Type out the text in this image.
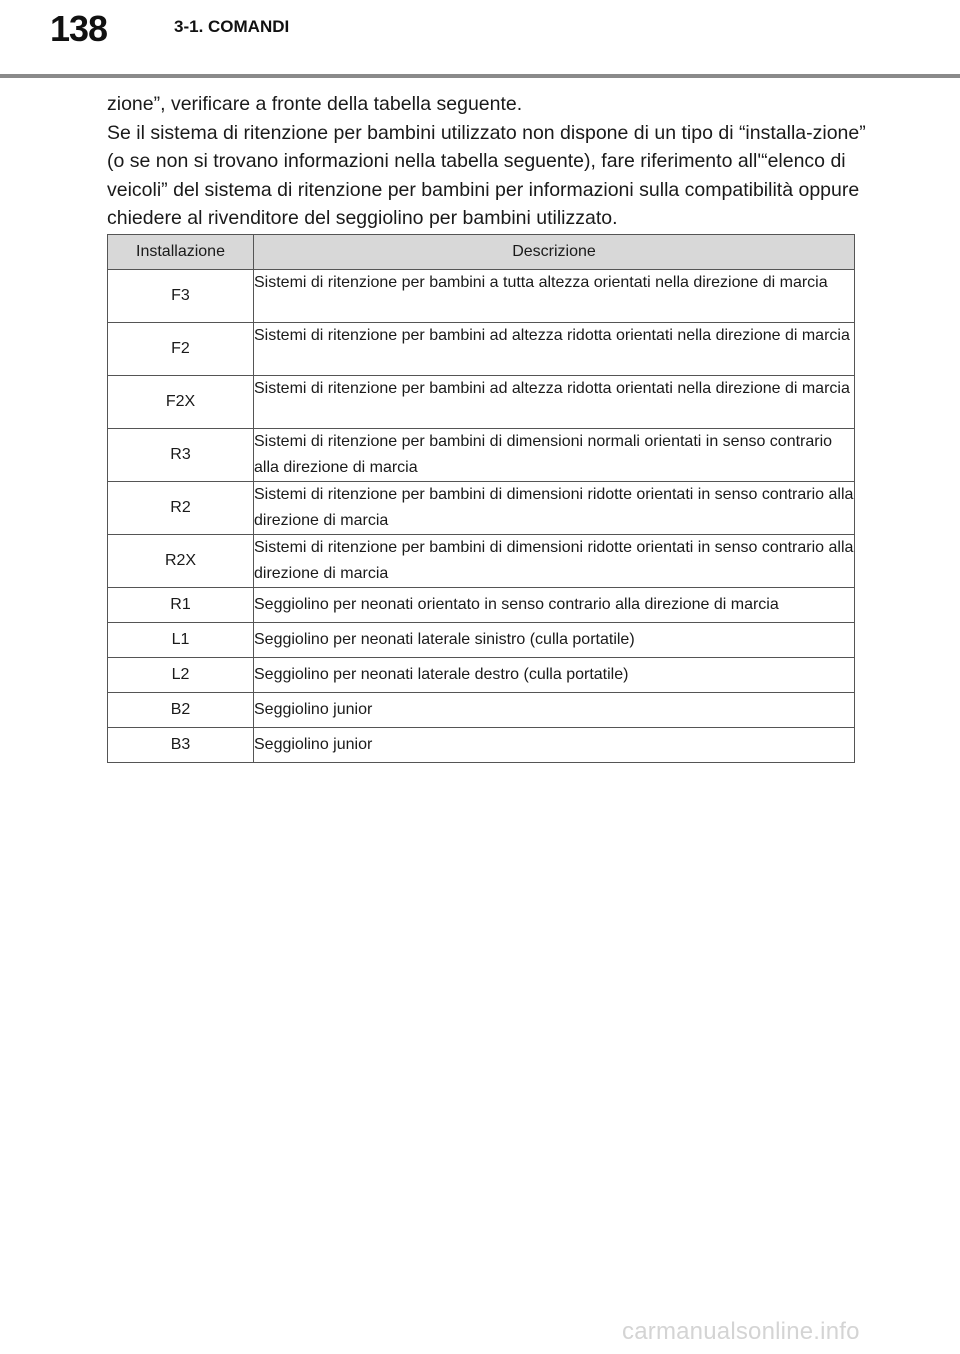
138	3-1. COMANDI

zione”, verificare a fronte della tabella seguente.

Se il sistema di ritenzione per bambini utilizzato non dispone di un tipo di “installa-zione” (o se non si trovano informazioni nella tabella seguente), fare riferimento all'“elenco di veicoli” del sistema di ritenzione per bambini per informazioni sulla compatibilità oppure chiedere al rivenditore del seggiolino per bambini utilizzato.

Installazione	Descrizione
F3	Sistemi di ritenzione per bambini a tutta altezza orientati nella direzione di marcia
F2	Sistemi di ritenzione per bambini ad altezza ridotta orientati nella direzione di marcia
F2X	Sistemi di ritenzione per bambini ad altezza ridotta orientati nella direzione di marcia
R3	Sistemi di ritenzione per bambini di dimensioni normali orientati in senso contrario alla direzione di marcia
R2	Sistemi di ritenzione per bambini di dimensioni ridotte orientati in senso contrario alla direzione di marcia
R2X	Sistemi di ritenzione per bambini di dimensioni ridotte orientati in senso contrario alla direzione di marcia
R1	Seggiolino per neonati orientato in senso contrario alla direzione di marcia
L1	Seggiolino per neonati laterale sinistro (culla portatile)
L2	Seggiolino per neonati laterale destro (culla portatile)
B2	Seggiolino junior
B3	Seggiolino junior
carmanualsonline.info
